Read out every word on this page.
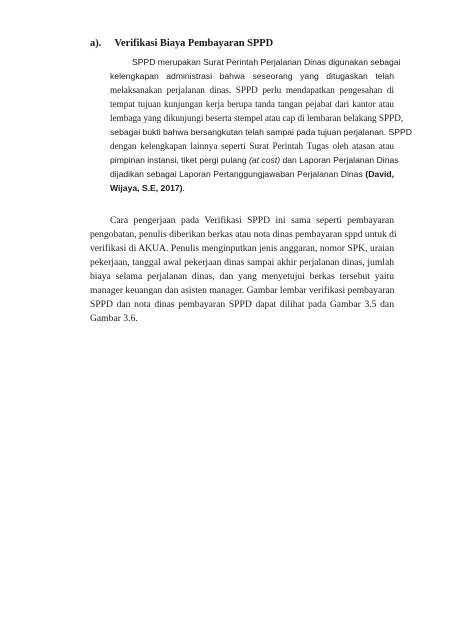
a). Verifikasi Biaya Pembayaran SPPD
SPPD merupakan Surat Perintah Perjalanan Dinas digunakan sebagai
kelengkapan administrasi bahwa seseorang yang ditugaskan telah
melaksanakan perjalanan dinas. SPPD perlu mendapatkan pengesahan di
tempat tujuan kunjungan kerja berupa tanda tangan pejabat dari kantor atau
lembaga yang dikunjungi beserta stempel atau cap di lembaran belakang SPPD,
sebagai bukti bahwa bersangkutan telah sampai pada tujuan perjalanan. SPPD
dengan kelengkapan lainnya seperti Surat Perintah Tugas oleh atasan atau
pimpinan instansi, tiket pergi pulang (at cost) dan Laporan Perjalanan Dinas
dijadikan sebagai Laporan Pertanggungjawaban Perjalanan Dinas (David,
Wijaya, S.E, 2017).
Cara pengerjaan pada Verifikasi SPPD ini sama seperti pembayaran
pengobatan, penulis diberikan berkas atau nota dinas pembayaran sppd untuk di
verifikasi di AKUA. Penulis menginputkan jenis anggaran, nomor SPK, uraian
pekerjaan, tanggal awal pekerjaan dinas sampai akhir perjalanan dinas, jumlah
biaya selama perjalanan dinas, dan yang menyetujui berkas tersebut yaitu
manager keuangan dan asisten manager. Gambar lembar verifikasi pembayaran
SPPD dan nota dinas pembayaran SPPD dapat dilihat pada Gambar 3.5 dan
Gambar 3.6.
